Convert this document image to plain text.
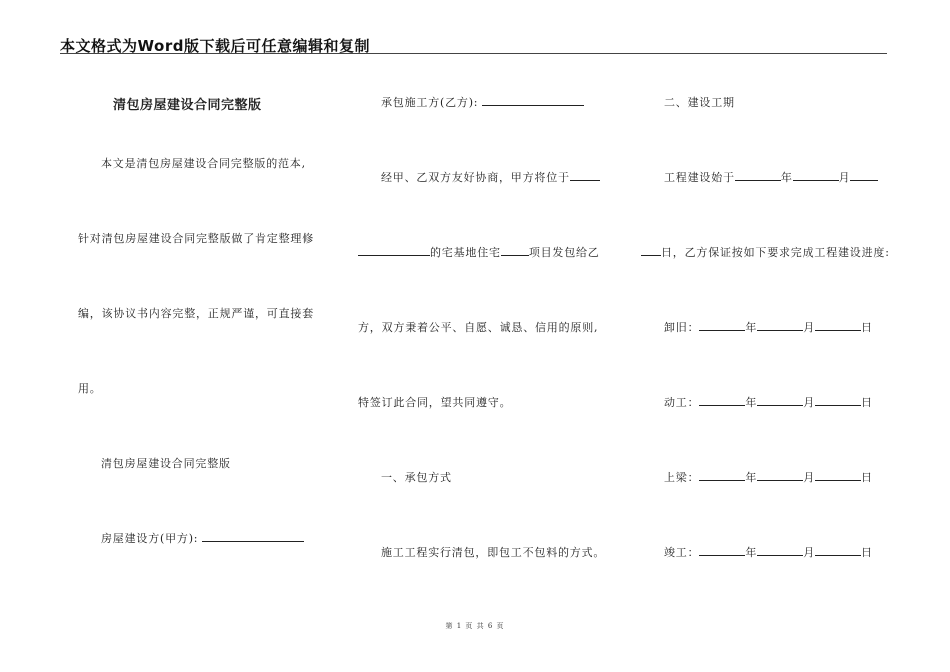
本文格式为Word版下载后可任意编辑和复制
清包房屋建设合同完整版
本文是清包房屋建设合同完整版的范本,
针对清包房屋建设合同完整版做了肯定整理修
编，该协议书内容完整，正规严谨，可直接套
用。
清包房屋建设合同完整版
房屋建设方(甲方):
承包施工方(乙方):
经甲、乙双方友好协商，甲方将位于
的宅基地住宅	项目发包给乙
方，双方秉着公平、自愿、诚恳、信用的原则,
特签订此合同，望共同遵守。
一、承包方式
施工工程实行清包，即包工不包料的方式。
二、建设工期
工程建设始于	年	月
日，乙方保证按如下要求完成工程建设进度:
卸旧：	年	月	日
动工：	年	月	日
上梁：	年	月	日
竣工：	年	月	日
第 1 页 共 6 页
